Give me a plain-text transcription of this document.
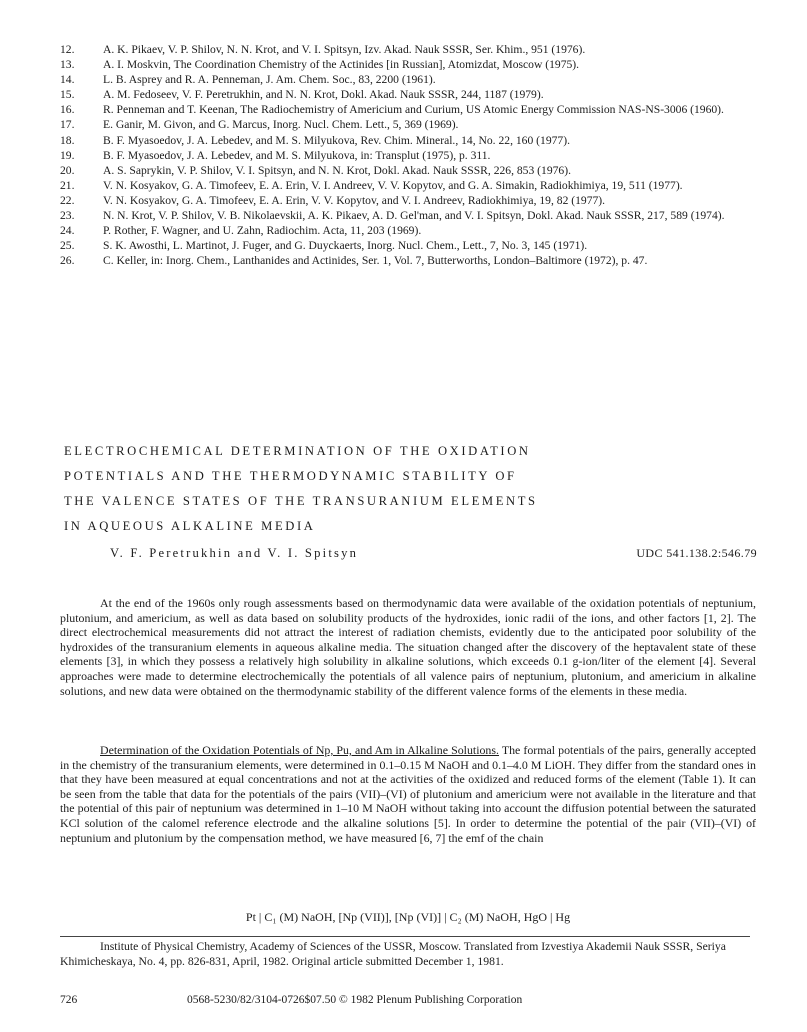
12.	A. K. Pikaev, V. P. Shilov, N. N. Krot, and V. I. Spitsyn, Izv. Akad. Nauk SSSR, Ser. Khim., 951 (1976).
13.	A. I. Moskvin, The Coordination Chemistry of the Actinides [in Russian], Atomizdat, Moscow (1975).
14.	L. B. Asprey and R. A. Penneman, J. Am. Chem. Soc., 83, 2200 (1961).
15.	A. M. Fedoseev, V. F. Peretrukhin, and N. N. Krot, Dokl. Akad. Nauk SSSR, 244, 1187 (1979).
16.	R. Penneman and T. Keenan, The Radiochemistry of Americium and Curium, US Atomic Energy Commission NAS-NS-3006 (1960).
17.	E. Ganir, M. Givon, and G. Marcus, Inorg. Nucl. Chem. Lett., 5, 369 (1969).
18.	B. F. Myasoedov, J. A. Lebedev, and M. S. Milyukova, Rev. Chim. Mineral., 14, No. 22, 160 (1977).
19.	B. F. Myasoedov, J. A. Lebedev, and M. S. Milyukova, in: Transplut (1975), p. 311.
20.	A. S. Saprykin, V. P. Shilov, V. I. Spitsyn, and N. N. Krot, Dokl. Akad. Nauk SSSR, 226, 853 (1976).
21.	V. N. Kosyakov, G. A. Timofeev, E. A. Erin, V. I. Andreev, V. V. Kopytov, and G. A. Simakin, Radiokhimiya, 19, 511 (1977).
22.	V. N. Kosyakov, G. A. Timofeev, E. A. Erin, V. V. Kopytov, and V. I. Andreev, Radiokhimiya, 19, 82 (1977).
23.	N. N. Krot, V. P. Shilov, V. B. Nikolaevskii, A. K. Pikaev, A. D. Gel'man, and V. I. Spitsyn, Dokl. Akad. Nauk SSSR, 217, 589 (1974).
24.	P. Rother, F. Wagner, and U. Zahn, Radiochim. Acta, 11, 203 (1969).
25.	S. K. Awosthi, L. Martinot, J. Fuger, and G. Duyckaerts, Inorg. Nucl. Chem., Lett., 7, No. 3, 145 (1971).
26.	C. Keller, in: Inorg. Chem., Lanthanides and Actinides, Ser. 1, Vol. 7, Butterworths, London–Baltimore (1972), p. 47.
ELECTROCHEMICAL DETERMINATION OF THE OXIDATION
POTENTIALS AND THE THERMODYNAMIC STABILITY OF
THE VALENCE STATES OF THE TRANSURANIUM ELEMENTS
IN AQUEOUS ALKALINE MEDIA
V. F. Peretrukhin and V. I. Spitsyn	UDC 541.138.2:546.79
At the end of the 1960s only rough assessments based on thermodynamic data were available of the oxidation potentials of neptunium, plutonium, and americium, as well as data based on solubility products of the hydroxides, ionic radii of the ions, and other factors [1, 2]. The direct electrochemical measurements did not attract the interest of radiation chemists, evidently due to the anticipated poor solubility of the hydroxides of the transuranium elements in aqueous alkaline media. The situation changed after the discovery of the heptavalent state of these elements [3], in which they possess a relatively high solubility in alkaline solutions, which exceeds 0.1 g-ion/liter of the element [4]. Several approaches were made to determine electrochemically the potentials of all valence pairs of neptunium, plutonium, and americium in alkaline solutions, and new data were obtained on the thermodynamic stability of the different valence forms of the elements in these media.
Determination of the Oxidation Potentials of Np, Pu, and Am in Alkaline Solutions. The formal potentials of the pairs, generally accepted in the chemistry of the transuranium elements, were determined in 0.1–0.15 M NaOH and 0.1–4.0 M LiOH. They differ from the standard ones in that they have been measured at equal concentrations and not at the activities of the oxidized and reduced forms of the element (Table 1). It can be seen from the table that data for the potentials of the pairs (VII)–(VI) of plutonium and americium were not available in the literature and that the potential of this pair of neptunium was determined in 1–10 M NaOH without taking into account the diffusion potential between the saturated KCl solution of the calomel reference electrode and the alkaline solutions [5]. In order to determine the potential of the pair (VII)–(VI) of neptunium and plutonium by the compensation method, we have measured [6, 7] the emf of the chain
Pt | C₁ (M) NaOH, [Np (VII)], [Np (VI)] | C₂ (M) NaOH, HgO | Hg
Institute of Physical Chemistry, Academy of Sciences of the USSR, Moscow. Translated from Izvestiya Akademii Nauk SSSR, Seriya Khimicheskaya, No. 4, pp. 826-831, April, 1982. Original article submitted December 1, 1981.
726	0568-5230/82/3104-0726$07.50 © 1982 Plenum Publishing Corporation
